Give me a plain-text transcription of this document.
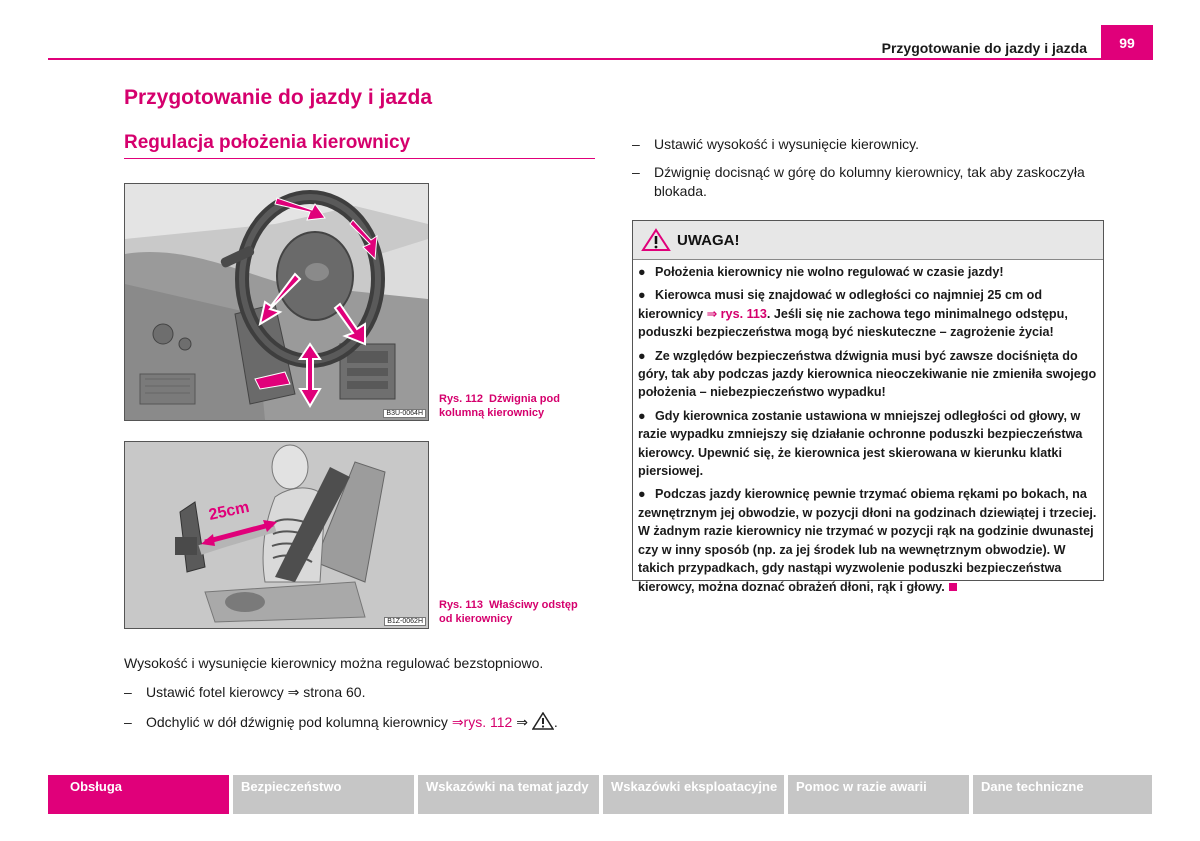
Przygotowanie do jazdy i jazda	99
Przygotowanie do jazdy i jazda
Regulacja położenia kierownicy
B3U-0064H
Rys. 112 Dźwignia pod kolumną kierownicy
25cm
B1Z-0062H
Rys. 113 Właściwy odstęp od kierownicy
Wysokość i wysunięcie kierownicy można regulować bezstopniowo.
– Ustawić fotel kierowcy ⇒ strona 60.
– Odchylić w dół dźwignię pod kolumną kierownicy ⇒rys. 112 ⇒ .
– Ustawić wysokość i wysunięcie kierownicy.
–	Dźwignię docisnąć w górę do kolumny kierownicy, tak aby zaskoczyła blokada.
UWAGA!

● Położenia kierownicy nie wolno regulować w czasie jazdy!

● Kierowca musi się znajdować w odległości co najmniej 25 cm od kierownicy ⇒ rys. 113. Jeśli się nie zachowa tego minimalnego odstępu, poduszki bezpieczeństwa mogą być nieskuteczne – zagrożenie życia!

● Ze względów bezpieczeństwa dźwignia musi być zawsze dociśnięta do góry, tak aby podczas jazdy kierownica nieoczekiwanie nie zmieniła swojego położenia – niebezpieczeństwo wypadku!

● Gdy kierownica zostanie ustawiona w mniejszej odległości od głowy, w razie wypadku zmniejszy się działanie ochronne poduszki bezpieczeństwa kierowcy. Upewnić się, że kierownica jest skierowana w kierunku klatki piersiowej.

● Podczas jazdy kierownicę pewnie trzymać obiema rękami po bokach, na zewnętrznym jej obwodzie, w pozycji dłoni na godzinach dziewiątej i trzeciej. W żadnym razie kierownicy nie trzymać w pozycji rąk na godzinie dwunastej czy w inny sposób (np. za jej środek lub na wewnętrznym obwodzie). W takich przypadkach, gdy nastąpi wyzwolenie poduszki bezpieczeństwa kierowcy, można doznać obrażeń dłoni, rąk i głowy.

Obsługa	Bezpieczeństwo	Wskazówki na temat jazdy	Wskazówki eksploatacyjne	Pomoc w razie awarii	Dane techniczne
